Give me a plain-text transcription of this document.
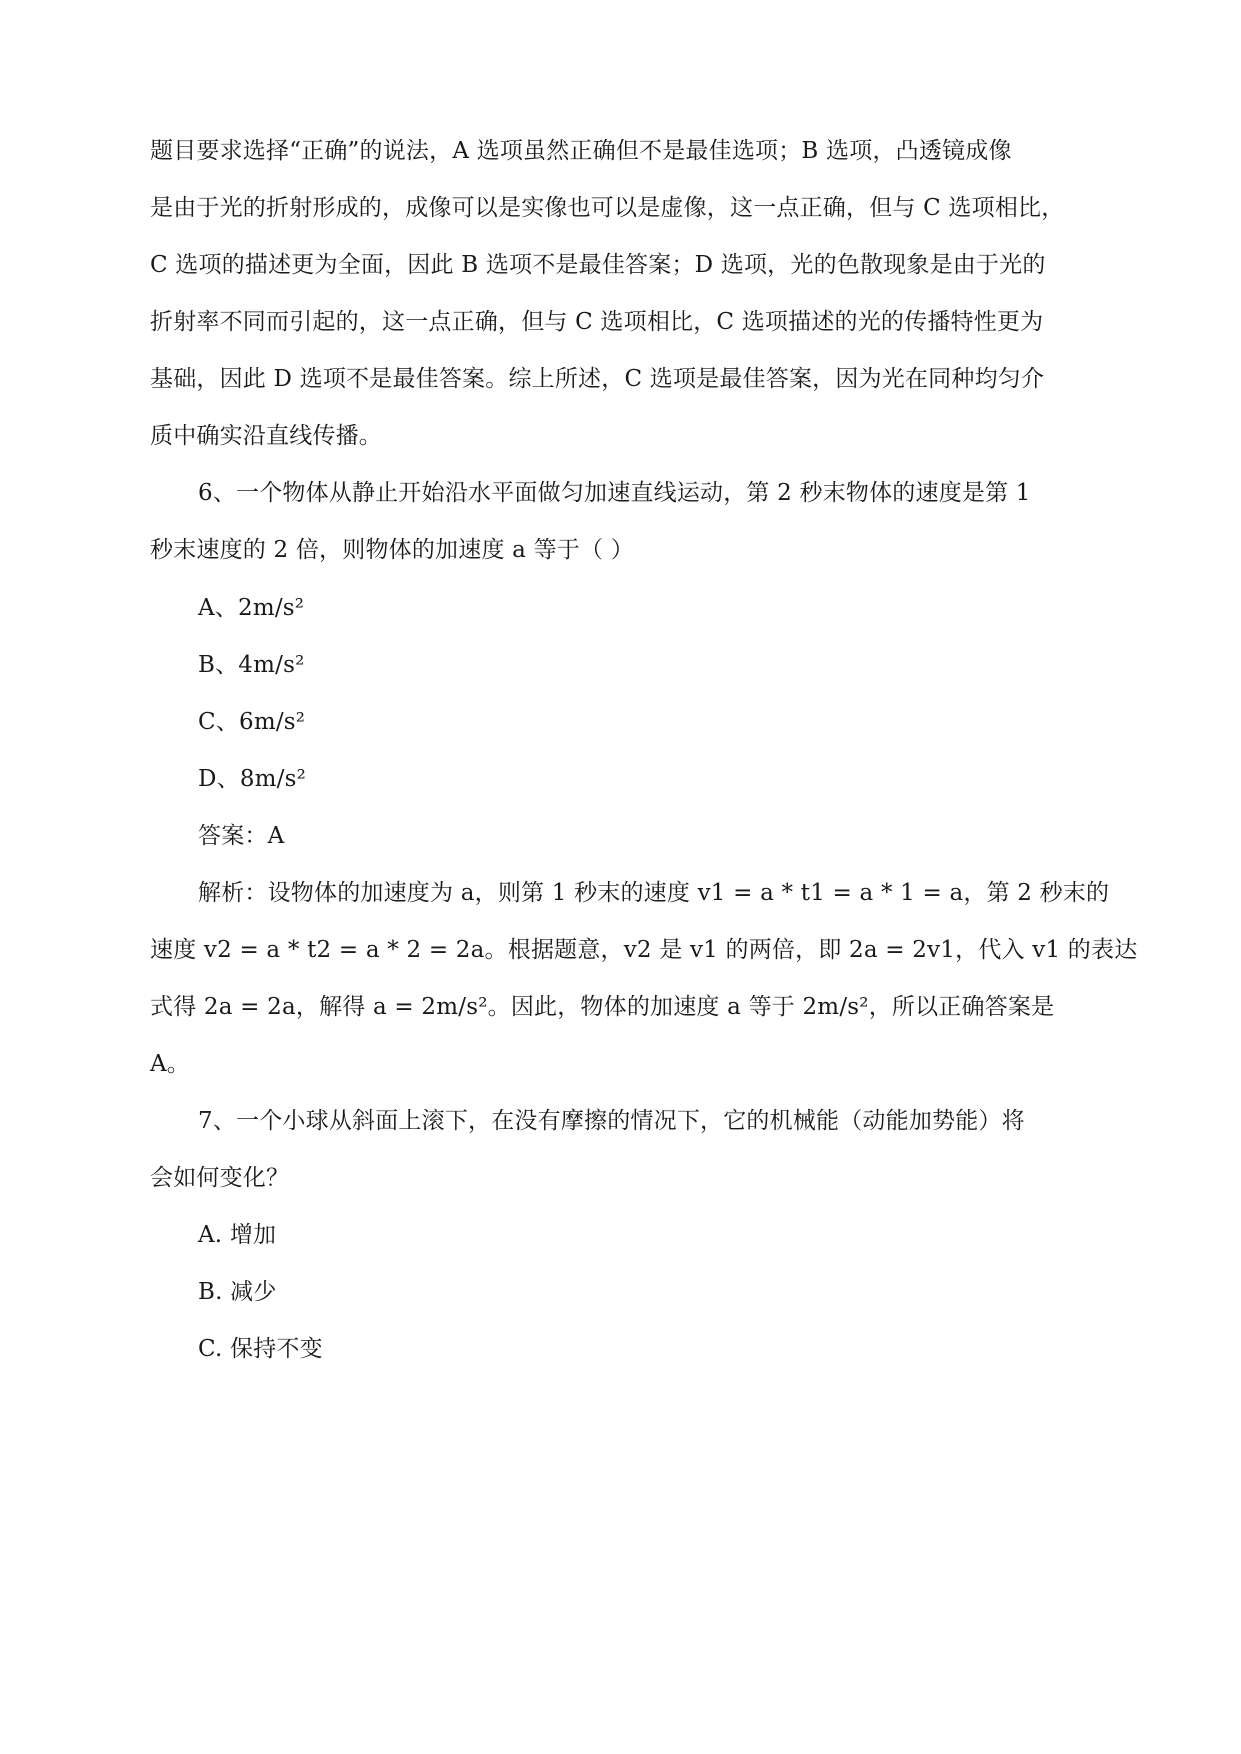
题目要求选择“正确”的说法，A 选项虽然正确但不是最佳选项；B 选项，凸透镜成像
是由于光的折射形成的，成像可以是实像也可以是虚像，这一点正确，但与 C 选项相比，
C 选项的描述更为全面，因此 B 选项不是最佳答案；D 选项，光的色散现象是由于光的
折射率不同而引起的，这一点正确，但与 C 选项相比，C 选项描述的光的传播特性更为
基础，因此 D 选项不是最佳答案。综上所述，C 选项是最佳答案，因为光在同种均匀介
质中确实沿直线传播。
6、一个物体从静止开始沿水平面做匀加速直线运动，第 2 秒末物体的速度是第 1
秒末速度的 2 倍，则物体的加速度 a 等于（ ）
A、2m/s²
B、4m/s²
C、6m/s²
D、8m/s²
答案：A
解析：设物体的加速度为 a，则第 1 秒末的速度 v1 = a * t1 = a * 1 = a，第 2 秒末的
速度 v2 = a * t2 = a * 2 = 2a。根据题意，v2 是 v1 的两倍，即 2a = 2v1，代入 v1 的表达
式得 2a = 2a，解得 a = 2m/s²。因此，物体的加速度 a 等于 2m/s²，所以正确答案是
A。
7、一个小球从斜面上滚下，在没有摩擦的情况下，它的机械能（动能加势能）将
会如何变化？
A. 增加
B. 减少
C. 保持不变
